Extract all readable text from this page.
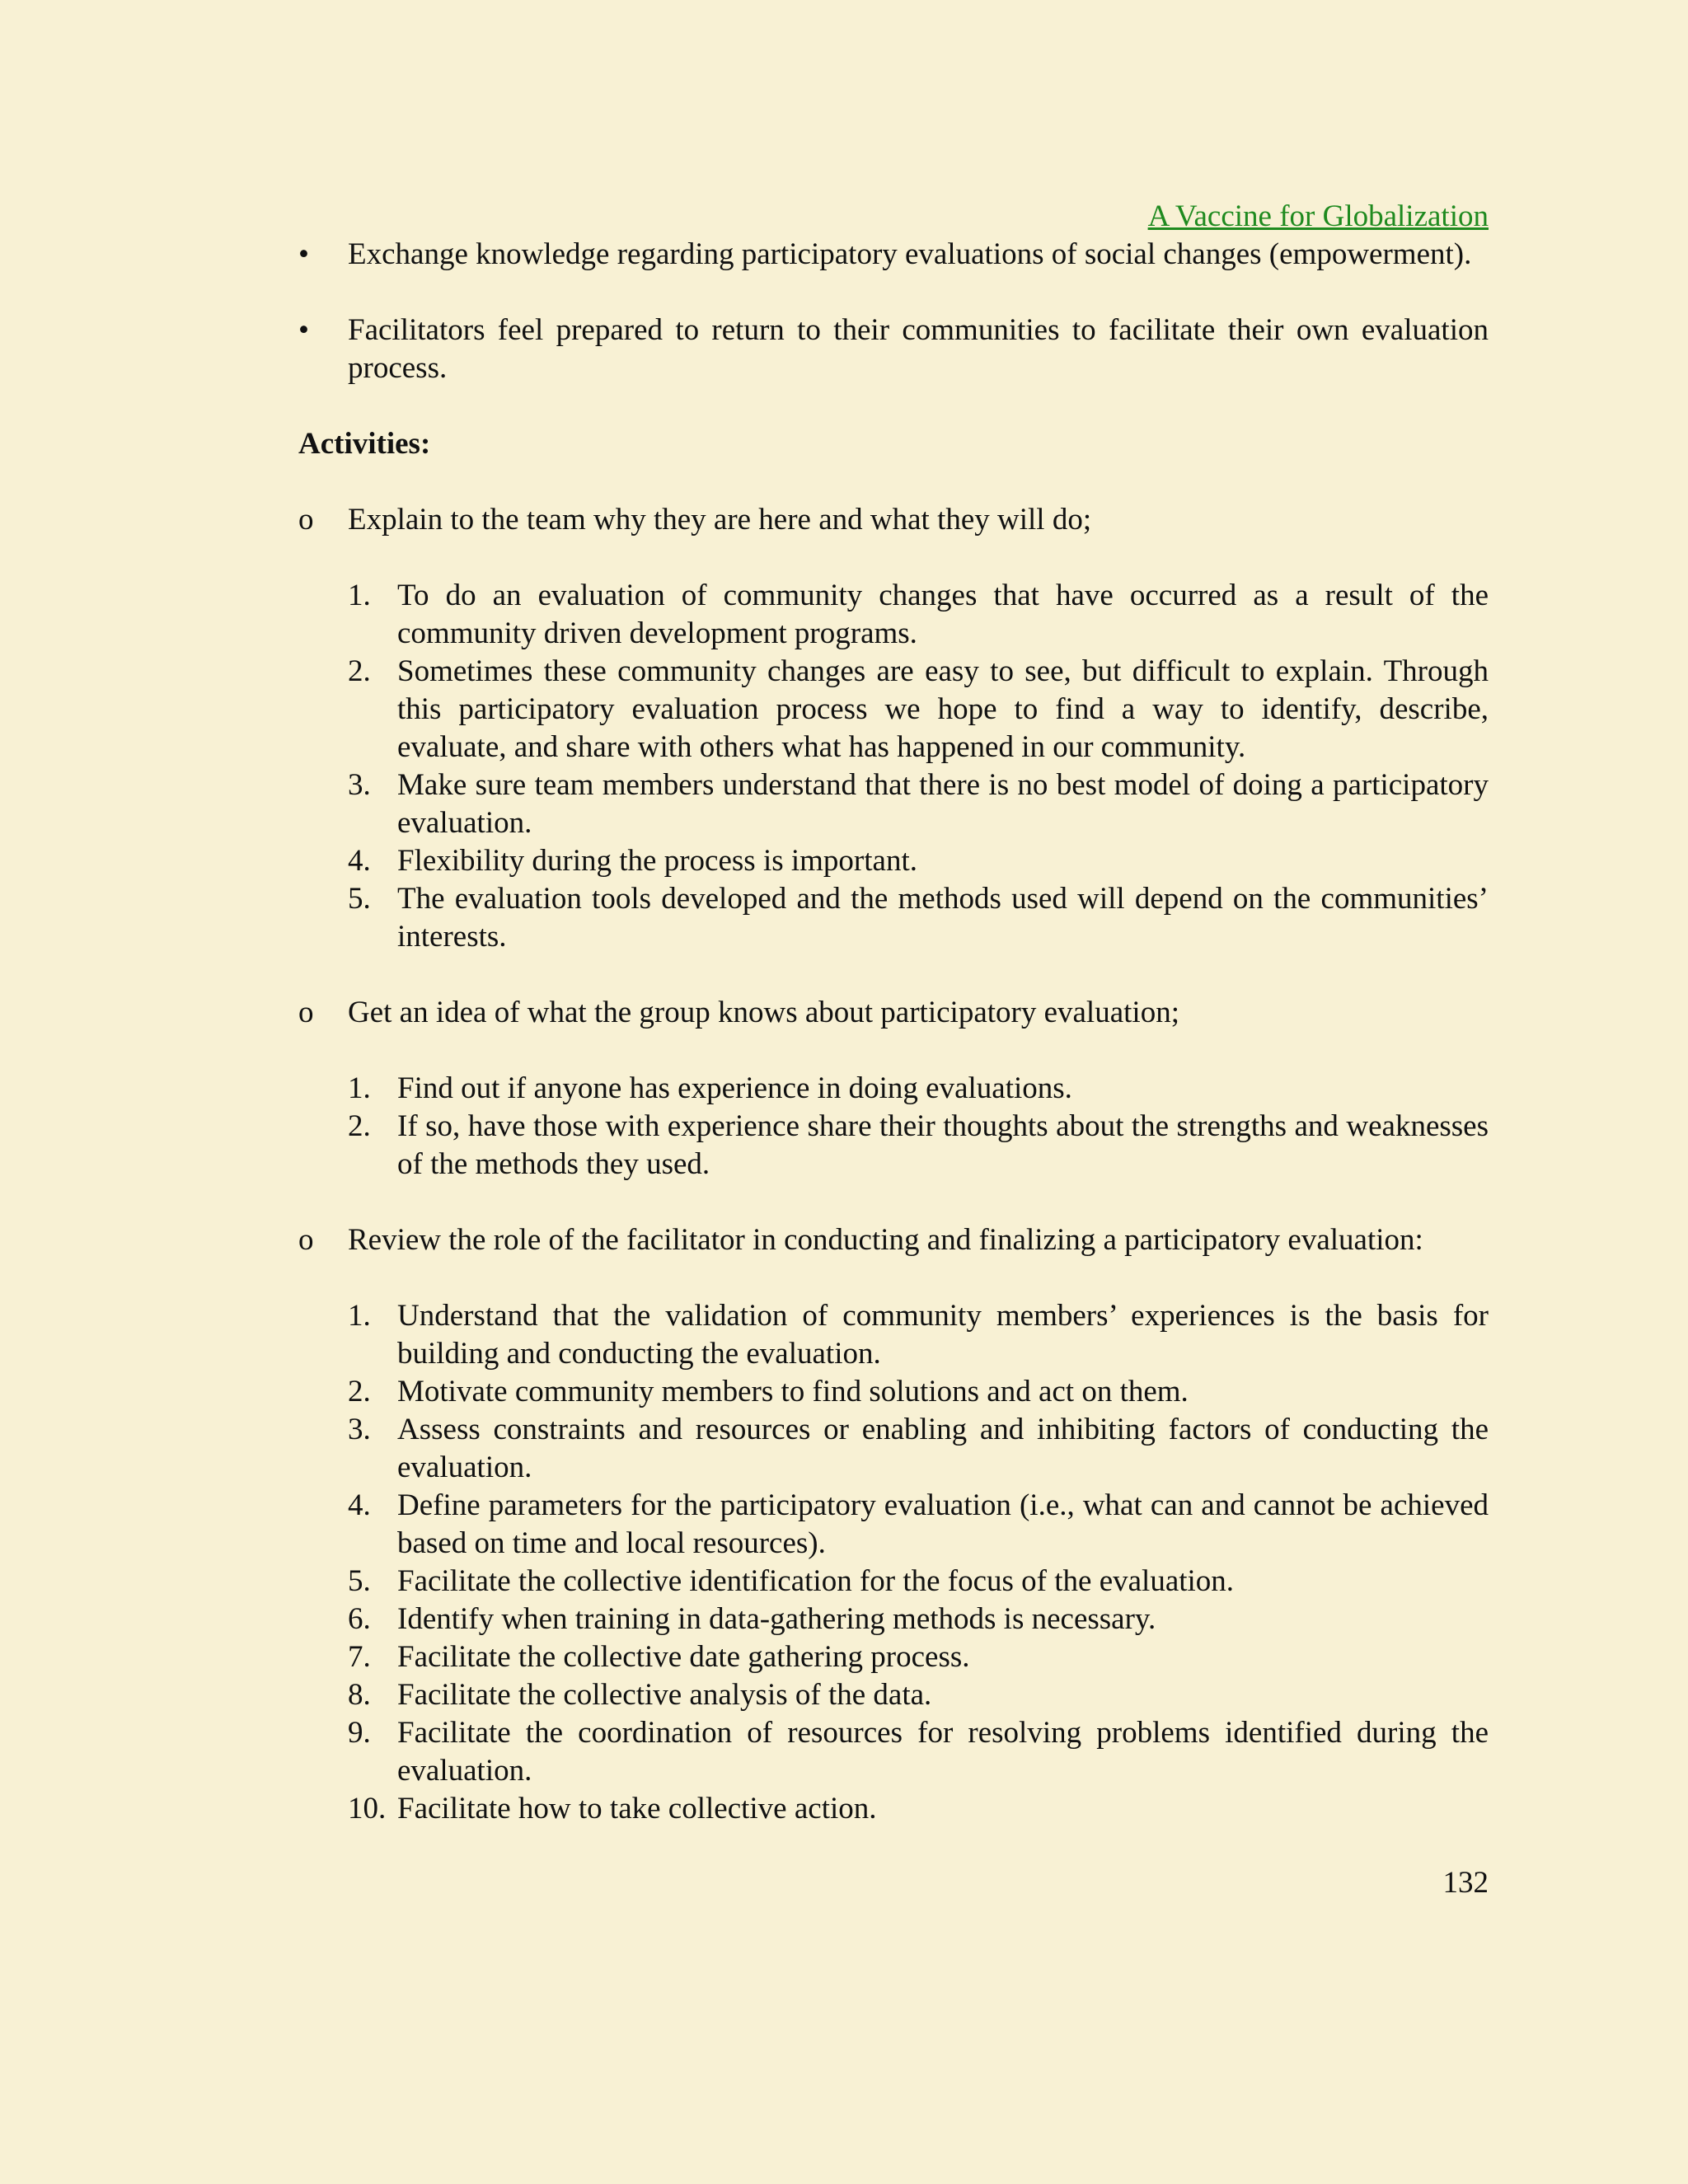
A Vaccine for Globalization
•	Exchange knowledge regarding participatory evaluations of social changes (empowerment).
•	Facilitators feel prepared to return to their communities to facilitate their own evaluation process.
Activities:
o	Explain to the team why they are here and what they will do;
1. To do an evaluation of community changes that have occurred as a result of the community driven development programs.
2. Sometimes these community changes are easy to see, but difficult to explain. Through this participatory evaluation process we hope to find a way to identify, describe, evaluate, and share with others what has happened in our community.
3. Make sure team members understand that there is no best model of doing a participatory evaluation.
4. Flexibility during the process is important.
5. The evaluation tools developed and the methods used will depend on the communities’ interests.
o	Get an idea of what the group knows about participatory evaluation;
1. Find out if anyone has experience in doing evaluations.
2. If so, have those with experience share their thoughts about the strengths and weaknesses of the methods they used.
o	Review the role of the facilitator in conducting and finalizing a participatory evaluation:
1. Understand that the validation of community members’ experiences is the basis for building and conducting the evaluation.
2. Motivate community members to find solutions and act on them.
3. Assess constraints and resources or enabling and inhibiting factors of conducting the evaluation.
4. Define parameters for the participatory evaluation (i.e., what can and cannot be achieved based on time and local resources).
5. Facilitate the collective identification for the focus of the evaluation.
6. Identify when training in data-gathering methods is necessary.
7. Facilitate the collective date gathering process.
8. Facilitate the collective analysis of the data.
9. Facilitate the coordination of resources for resolving problems identified during the evaluation.
10. Facilitate how to take collective action.
132
